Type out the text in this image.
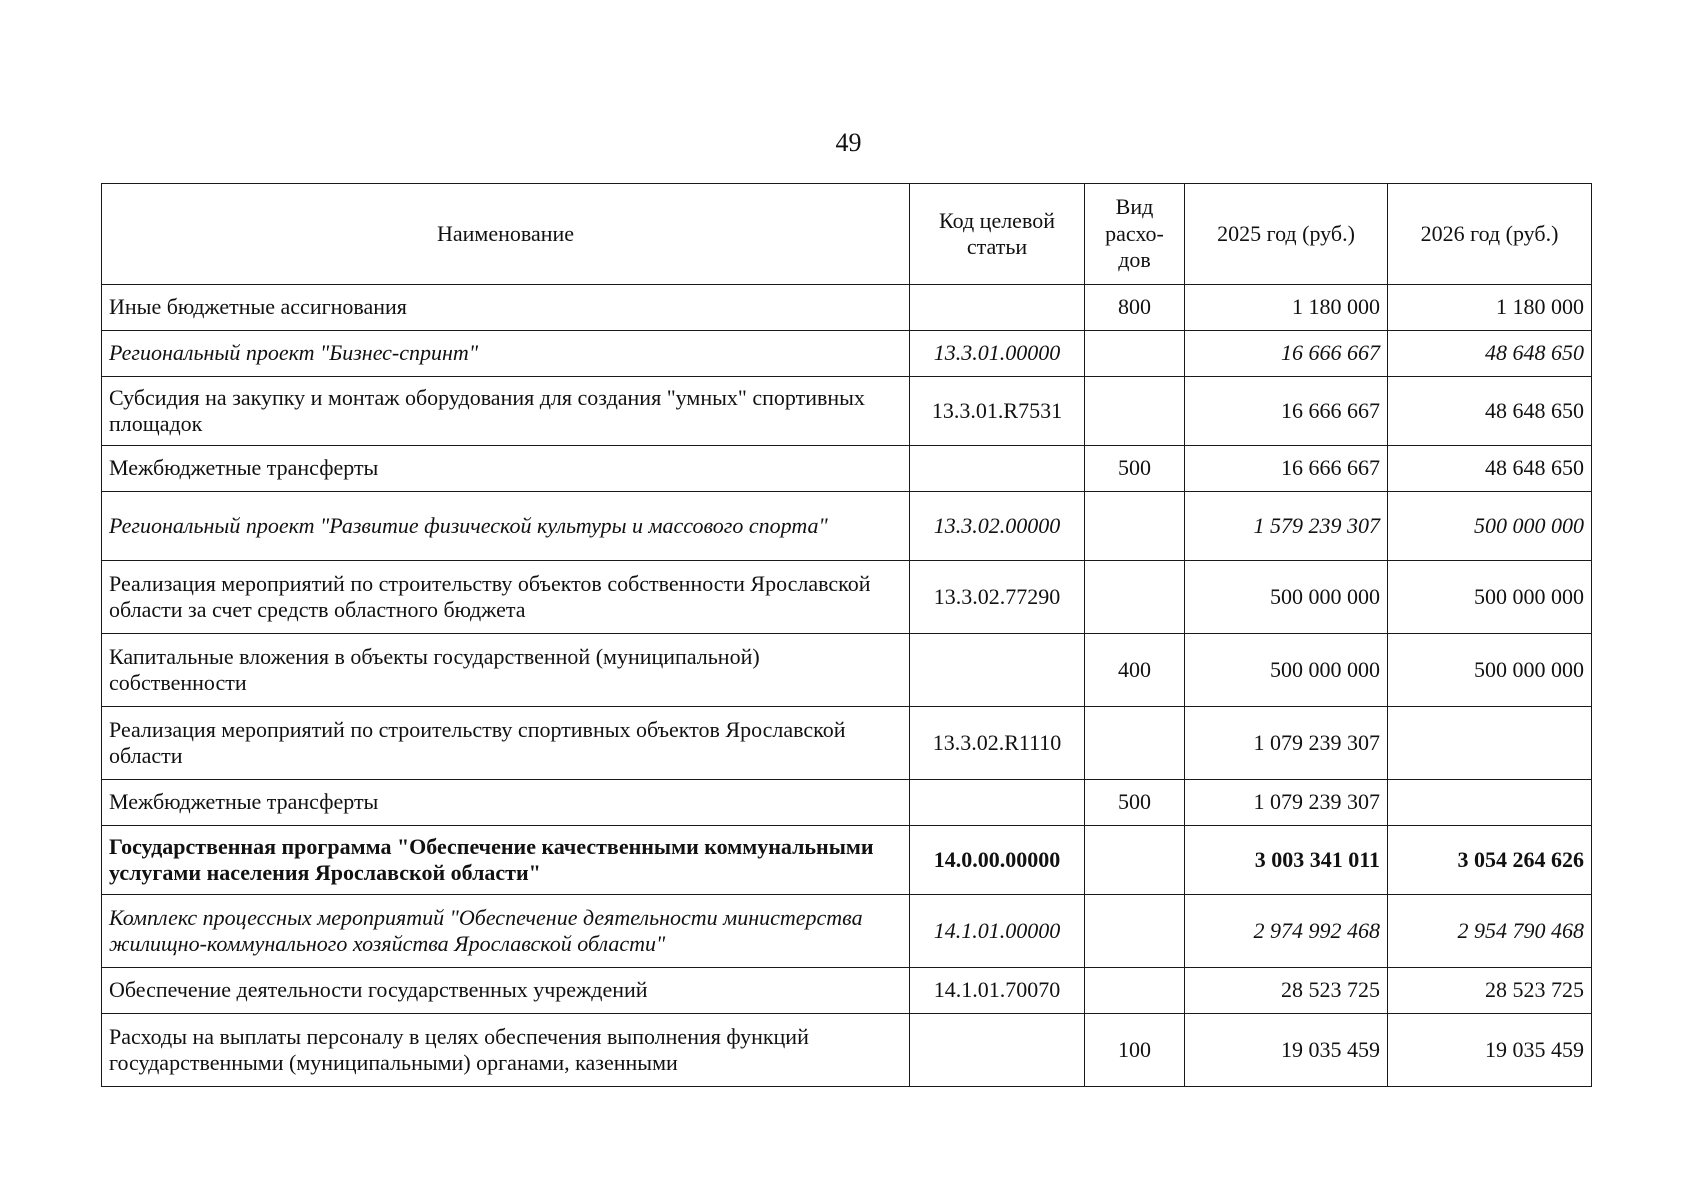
49
Наименование	Код целевой статьи	Вид расхо-дов	2025 год (руб.)	2026 год (руб.)
Иные бюджетные ассигнования		800	1 180 000	1 180 000
Региональный проект "Бизнес-спринт"	13.3.01.00000		16 666 667	48 648 650
Субсидия на закупку и монтаж оборудования для создания "умных" спортивных площадок	13.3.01.R7531		16 666 667	48 648 650
Межбюджетные трансферты		500	16 666 667	48 648 650
Региональный проект "Развитие физической культуры и массового спорта"	13.3.02.00000		1 579 239 307	500 000 000
Реализация мероприятий по строительству объектов собственности Ярославской области за счет средств областного бюджета	13.3.02.77290		500 000 000	500 000 000
Капитальные вложения в объекты государственной (муниципальной) собственности		400	500 000 000	500 000 000
Реализация мероприятий по строительству спортивных объектов Ярославской области	13.3.02.R1110		1 079 239 307	
Межбюджетные трансферты		500	1 079 239 307	
Государственная программа "Обеспечение качественными коммунальными услугами населения Ярославской области"	14.0.00.00000		3 003 341 011	3 054 264 626
Комплекс процессных мероприятий "Обеспечение деятельности министерства жилищно-коммунального хозяйства Ярославской области"	14.1.01.00000		2 974 992 468	2 954 790 468
Обеспечение деятельности государственных учреждений	14.1.01.70070		28 523 725	28 523 725
Расходы на выплаты персоналу в целях обеспечения выполнения функций государственными (муниципальными) органами, казенными		100	19 035 459	19 035 459
